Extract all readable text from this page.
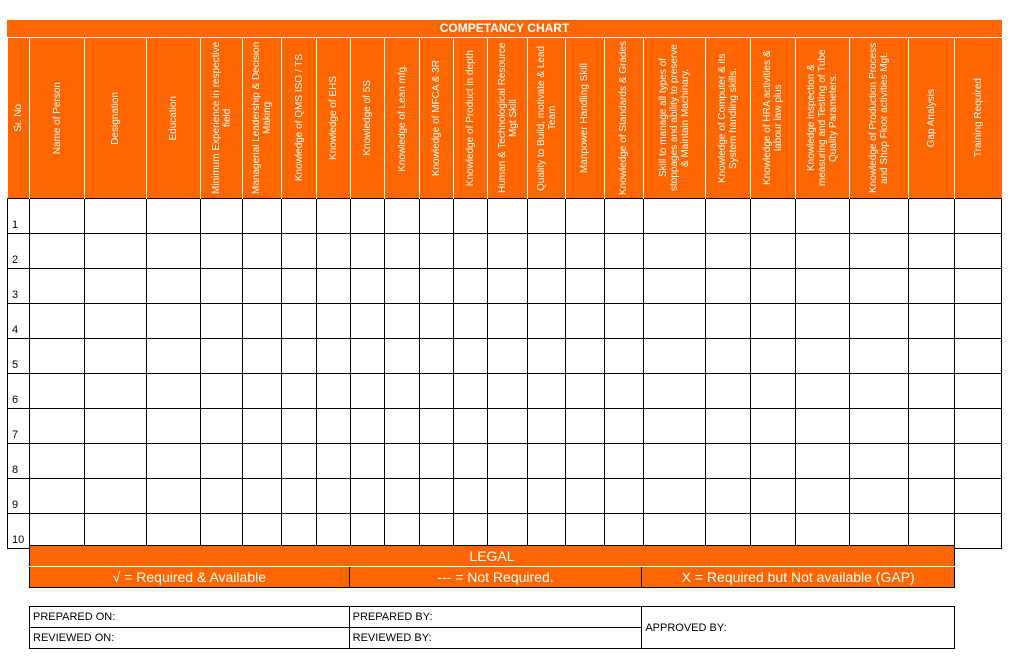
COMPETANCY CHART
Sr. No	Name of Person	Designation	Education	Minimum Experience in respective field	Managerial Leadership & Decision Making	Knowledge of QMS ISO / TS	Knowledge of EHS	Knowledge of 5S	Knowledge of Lean mfg.	Knowledge of MFCA & 3R	Knowledge of Product in depth	Human & Technological Resource Mgt Skill	Quality to Build, motivate & Lead Team	Manpower Handling Skill	Knowledge of Standards & Grades	Skill to manage all types of stoppages and ability to preserve & Maintain Machinary.	Knowledge of Computer & its System handling skills.	Knowledge of HRA activities & labour law plus	Knowledge inspection & measuring and Testing of Tube Quality Parameters.	Knowledge of Production Process and Shop Floor activities Mgt.	Gap Analysis	Training Required

1																						
2																						
3																						
4																						
5																						
6																						
7																						
8																						
9																						
10																						
LEGAL
√ = Required & Available	--- = Not Required.	X = Required but Not available (GAP)
PREPARED ON:	PREPARED BY:	APPROVED BY:
REVIEWED ON:	REVIEWED BY:	
